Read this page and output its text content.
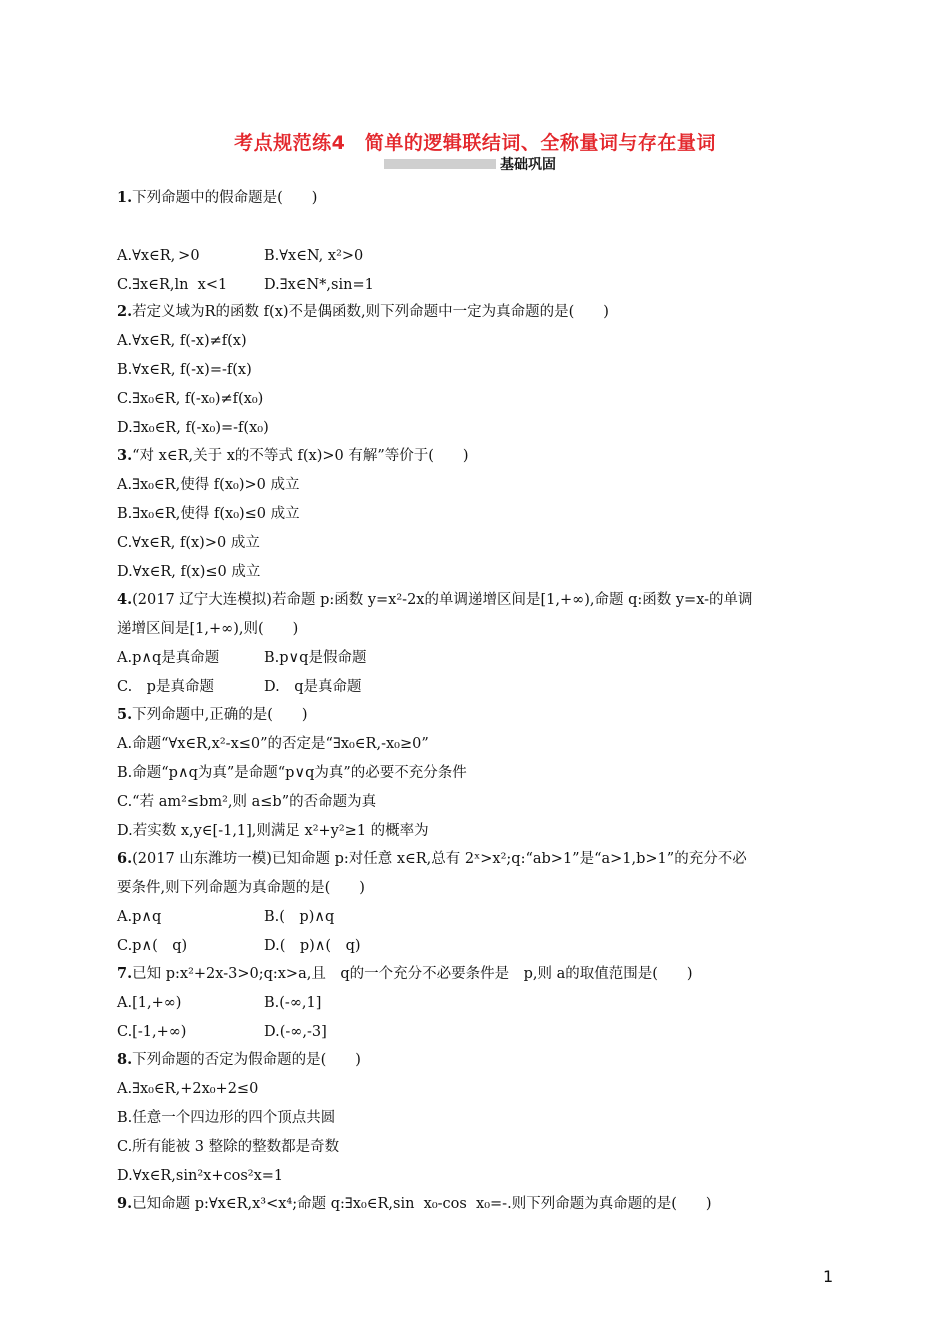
考点规范练4　简单的逻辑联结词、全称量词与存在量词
基础巩固
1.下列命题中的假命题是(　　)
A.∀x∈R, >0	B.∀x∈N, x²>0
C.∃x∈R,ln  x<1	D.∃x∈N*,sin=1
2.若定义域为R的函数 f(x)不是偶函数,则下列命题中一定为真命题的是(　　)
A.∀x∈R, f(-x)≠f(x)
B.∀x∈R, f(-x)=-f(x)
C.∃x₀∈R, f(-x₀)≠f(x₀)
D.∃x₀∈R, f(-x₀)=-f(x₀)
3.“对 x∈R,关于 x的不等式 f(x)>0 有解”等价于(　　)
A.∃x₀∈R,使得 f(x₀)>0 成立
B.∃x₀∈R,使得 f(x₀)≤0 成立
C.∀x∈R, f(x)>0 成立
D.∀x∈R, f(x)≤0 成立
4.(2017 辽宁大连模拟)若命题 p:函数 y=x²-2x的单调递增区间是[1,+∞),命题 q:函数 y=x-的单调
递增区间是[1,+∞),则(　　)
A.p∧q是真命题	B.p∨q是假命题
C.　p是真命题	D.　q是真命题
5.下列命题中,正确的是(　　)
A.命题“∀x∈R,x²-x≤0”的否定是“∃x₀∈R,-x₀≥0”
B.命题“p∧q为真”是命题“p∨q为真”的必要不充分条件
C.“若 am²≤bm²,则 a≤b”的否命题为真
D.若实数 x,y∈[-1,1],则满足 x²+y²≥1 的概率为
6.(2017 山东潍坊一模)已知命题 p:对任意 x∈R,总有 2ˣ>x²;q:“ab>1”是“a>1,b>1”的充分不必
要条件,则下列命题为真命题的是(　　)
A.p∧q	B.(　p)∧q
C.p∧(　q)	D.(　p)∧(　q)
7.已知 p:x²+2x-3>0;q:x>a,且　q的一个充分不必要条件是　p,则 a的取值范围是(　　)
A.[1,+∞)	B.(-∞,1]
C.[-1,+∞)	D.(-∞,-3]
8.下列命题的否定为假命题的是(　　)
A.∃x₀∈R,+2x₀+2≤0
B.任意一个四边形的四个顶点共圆
C.所有能被 3 整除的整数都是奇数
D.∀x∈R,sin²x+cos²x=1
9.已知命题 p:∀x∈R,x³<x⁴;命题 q:∃x₀∈R,sin  x₀-cos  x₀=-.则下列命题为真命题的是(　　)
1
